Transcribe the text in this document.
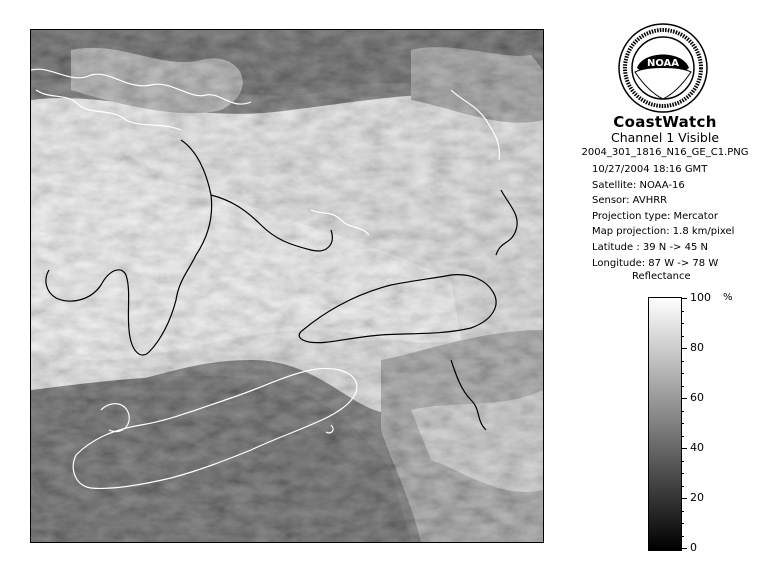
NOAA
CoastWatch
Channel 1 Visible
2004_301_1816_N16_GE_C1.PNG
10/27/2004 18:16 GMT
Satellite: NOAA-16
Sensor: AVHRR
Projection type: Mercator
Map projection: 1.8 km/pixel
Latitude : 39 N -> 45 N
Longitude: 87 W -> 78 W
Reflectance
%
100
80
60
40
20
0
